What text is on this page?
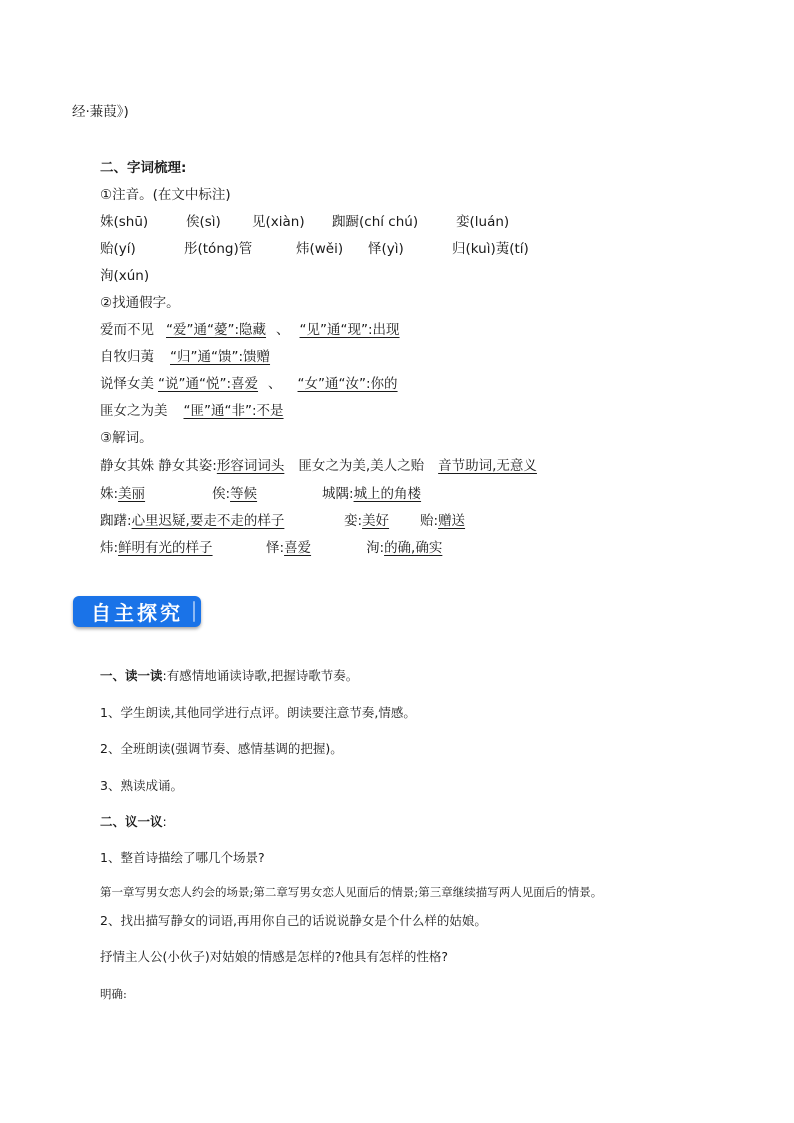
经·蒹葭》)
二、字词梳理:
①注音。(在文中标注)
姝(shū)	俟(sì) 见(xiàn) 踟蹰(chí chú)	娈(luán)
贻(yí)	彤(tóng)管	炜(wěi) 怿(yì)	归(kuì)荑(tí)
洵(xún)
②找通假字。
爱而不见 “爱”通“薆”:隐藏 、 “见”通“现”:出现
自牧归荑 “归”通“馈”:馈赠
说怿女美 “说”通“悦”:喜爱 、 “女”通“汝”:你的
匪女之为美 “匪”通“非”:不是
③解词。
静女其姝 静女其姿:形容词词头 匪女之为美,美人之贻 音节助词,无意义
姝:美丽	俟:等候	城隅:城上的角楼
踟躇:心里迟疑,要走不走的样子	娈:美好 贻:赠送
炜:鲜明有光的样子	怿:喜爱	洵:的确,确实
自主探究
一、读一读:有感情地诵读诗歌,把握诗歌节奏。
1、学生朗读,其他同学进行点评。朗读要注意节奏,情感。
2、全班朗读(强调节奏、感情基调的把握)。
3、熟读成诵。
二、议一议:
1、整首诗描绘了哪几个场景?
第一章写男女恋人约会的场景;第二章写男女恋人见面后的情景;第三章继续描写两人见面后的情景。
2、找出描写静女的词语,再用你自己的话说说静女是个什么样的姑娘。
抒情主人公(小伙子)对姑娘的情感是怎样的?他具有怎样的性格?
明确:
